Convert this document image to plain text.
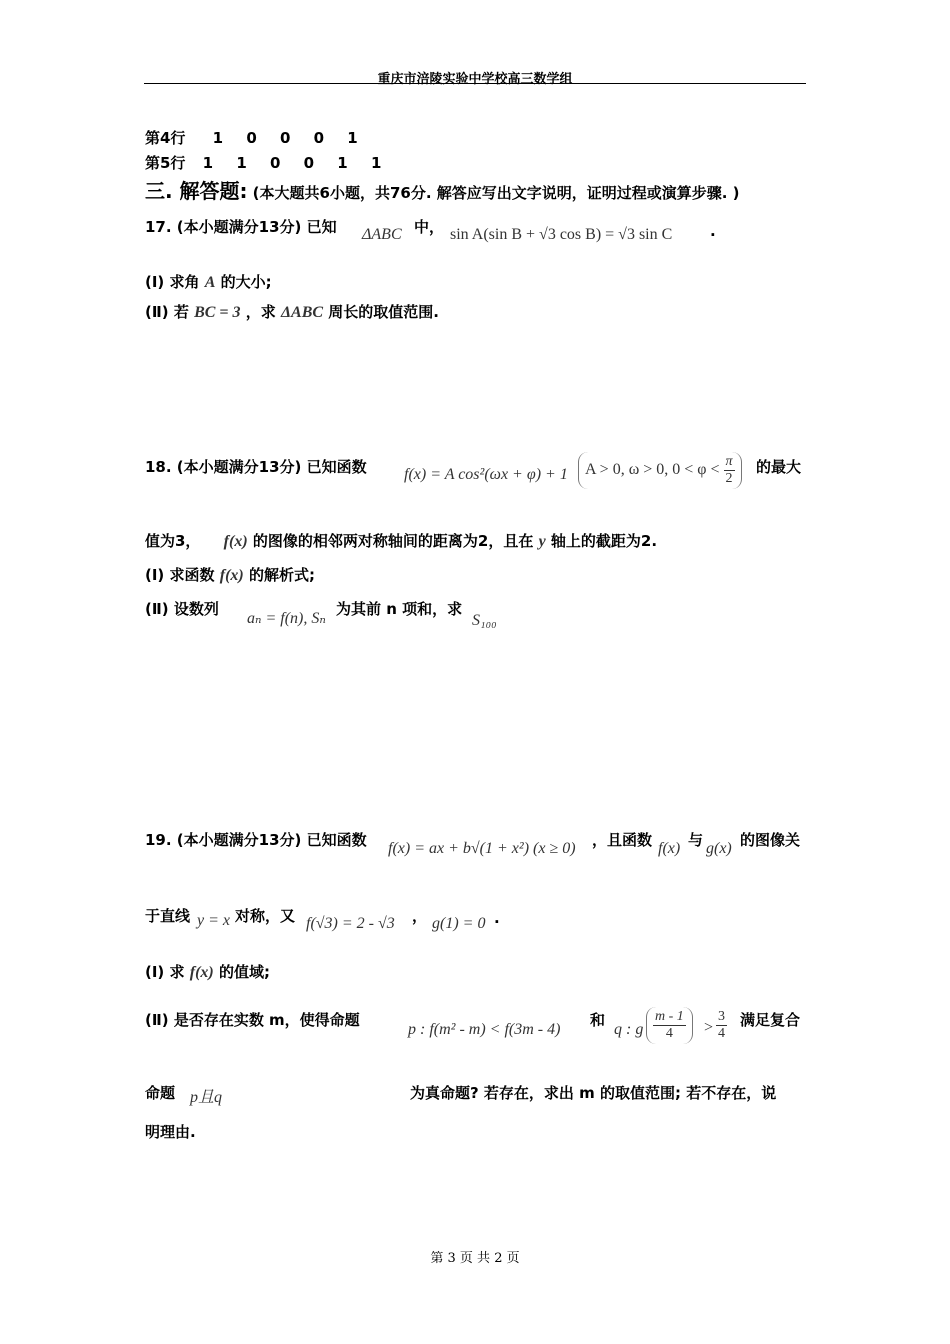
重庆市涪陵实验中学校高三数学组
第4行 1 0 0 0 1
第5行 1 1 0 0 1 1
三. 解答题: (本大题共6小题，共76分. 解答应写出文字说明，证明过程或演算步骤. )
17. (本小题满分13分) 已知 ΔABC 中， sin A(sin B + √3 cos B) = √3 sin C	.
(Ⅰ) 求角 A 的大小;
(Ⅱ) 若 BC = 3 ，求 ΔABC 周长的取值范围.
18. (本小题满分13分) 已知函数 f(x) = A cos²(ωx + φ) + 1	A > 0, ω > 0, $0 < \varphi < \frac{\pi}{2}$ 的最大
值为3， f(x) 的图像的相邻两对称轴间的距离为2，且在 y 轴上的截距为2.
(Ⅰ) 求函数 f(x) 的解析式;
(Ⅱ) 设数列
aₙ = f(n), Sₙ
为其前 n 项和，求
S₁₀₀
19. (本小题满分13分) 已知函数 f(x) = ax + b√(1 + x²) (x ≥ 0) ，且函数 f(x) 与 g(x) 的图像关
于直线 y = x 对称，又 f(√3) = 2 - √3 ， g(1) = 0 .
(Ⅰ) 求 f(x) 的值域;
(Ⅱ) 是否存在实数 m，使得命题
p : f(m² - m) < f(3m - 4)
和
q : g $\frac{m - 1}{4} > \frac{3}{4}$ 满足复合
命题 p且q	为真命题? 若存在，求出 m 的取值范围; 若不存在，说
明理由.
第 3 页 共 2 页
